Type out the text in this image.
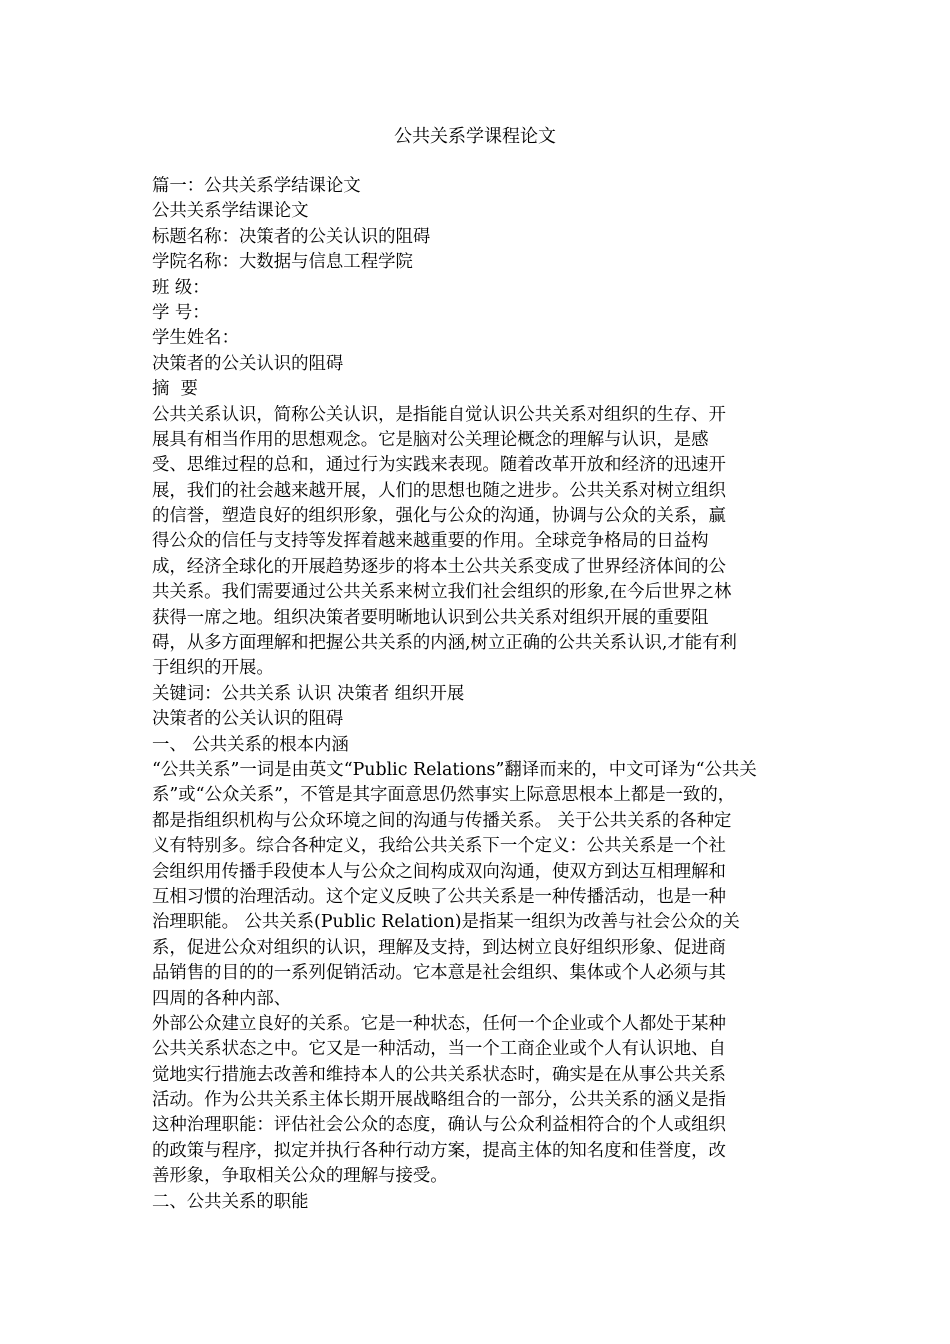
公共关系学课程论文

篇一：公共关系学结课论文

公共关系学结课论文

标题名称：决策者的公关认识的阻碍

学院名称：大数据与信息工程学院

班 级：

学 号：

学生姓名：

决策者的公关认识的阻碍

摘  要

公共关系认识，简称公关认识，是指能自觉认识公共关系对组织的生存、开

展具有相当作用的思想观念。它是脑对公关理论概念的理解与认识，是感

受、思维过程的总和，通过行为实践来表现。随着改革开放和经济的迅速开

展，我们的社会越来越开展，人们的思想也随之进步。公共关系对树立组织

的信誉，塑造良好的组织形象，强化与公众的沟通，协调与公众的关系，赢

得公众的信任与支持等发挥着越来越重要的作用。全球竞争格局的日益构

成，经济全球化的开展趋势逐步的将本土公共关系变成了世界经济体间的公

共关系。我们需要通过公共关系来树立我们社会组织的形象,在今后世界之林

获得一席之地。组织决策者要明晰地认识到公共关系对组织开展的重要阻

碍，从多方面理解和把握公共关系的内涵,树立正确的公共关系认识,才能有利

于组织的开展。

关键词：公共关系 认识 决策者 组织开展

决策者的公关认识的阻碍

一、 公共关系的根本内涵

“公共关系”一词是由英文“Public Relations”翻译而来的，中文可译为“公共关

系”或“公众关系”，不管是其字面意思仍然事实上际意思根本上都是一致的，

都是指组织机构与公众环境之间的沟通与传播关系。 关于公共关系的各种定

义有特别多。综合各种定义，我给公共关系下一个定义：公共关系是一个社

会组织用传播手段使本人与公众之间构成双向沟通，使双方到达互相理解和

互相习惯的治理活动。这个定义反映了公共关系是一种传播活动，也是一种

治理职能。 公共关系(Public Relation)是指某一组织为改善与社会公众的关

系，促进公众对组织的认识，理解及支持，到达树立良好组织形象、促进商

品销售的目的的一系列促销活动。它本意是社会组织、集体或个人必须与其

四周的各种内部、

外部公众建立良好的关系。它是一种状态，任何一个企业或个人都处于某种

公共关系状态之中。它又是一种活动，当一个工商企业或个人有认识地、自

觉地实行措施去改善和维持本人的公共关系状态时，确实是在从事公共关系

活动。作为公共关系主体长期开展战略组合的一部分，公共关系的涵义是指

这种治理职能：评估社会公众的态度，确认与公众利益相符合的个人或组织

的政策与程序，拟定并执行各种行动方案，提高主体的知名度和佳誉度，改

善形象，争取相关公众的理解与接受。

二、公共关系的职能
